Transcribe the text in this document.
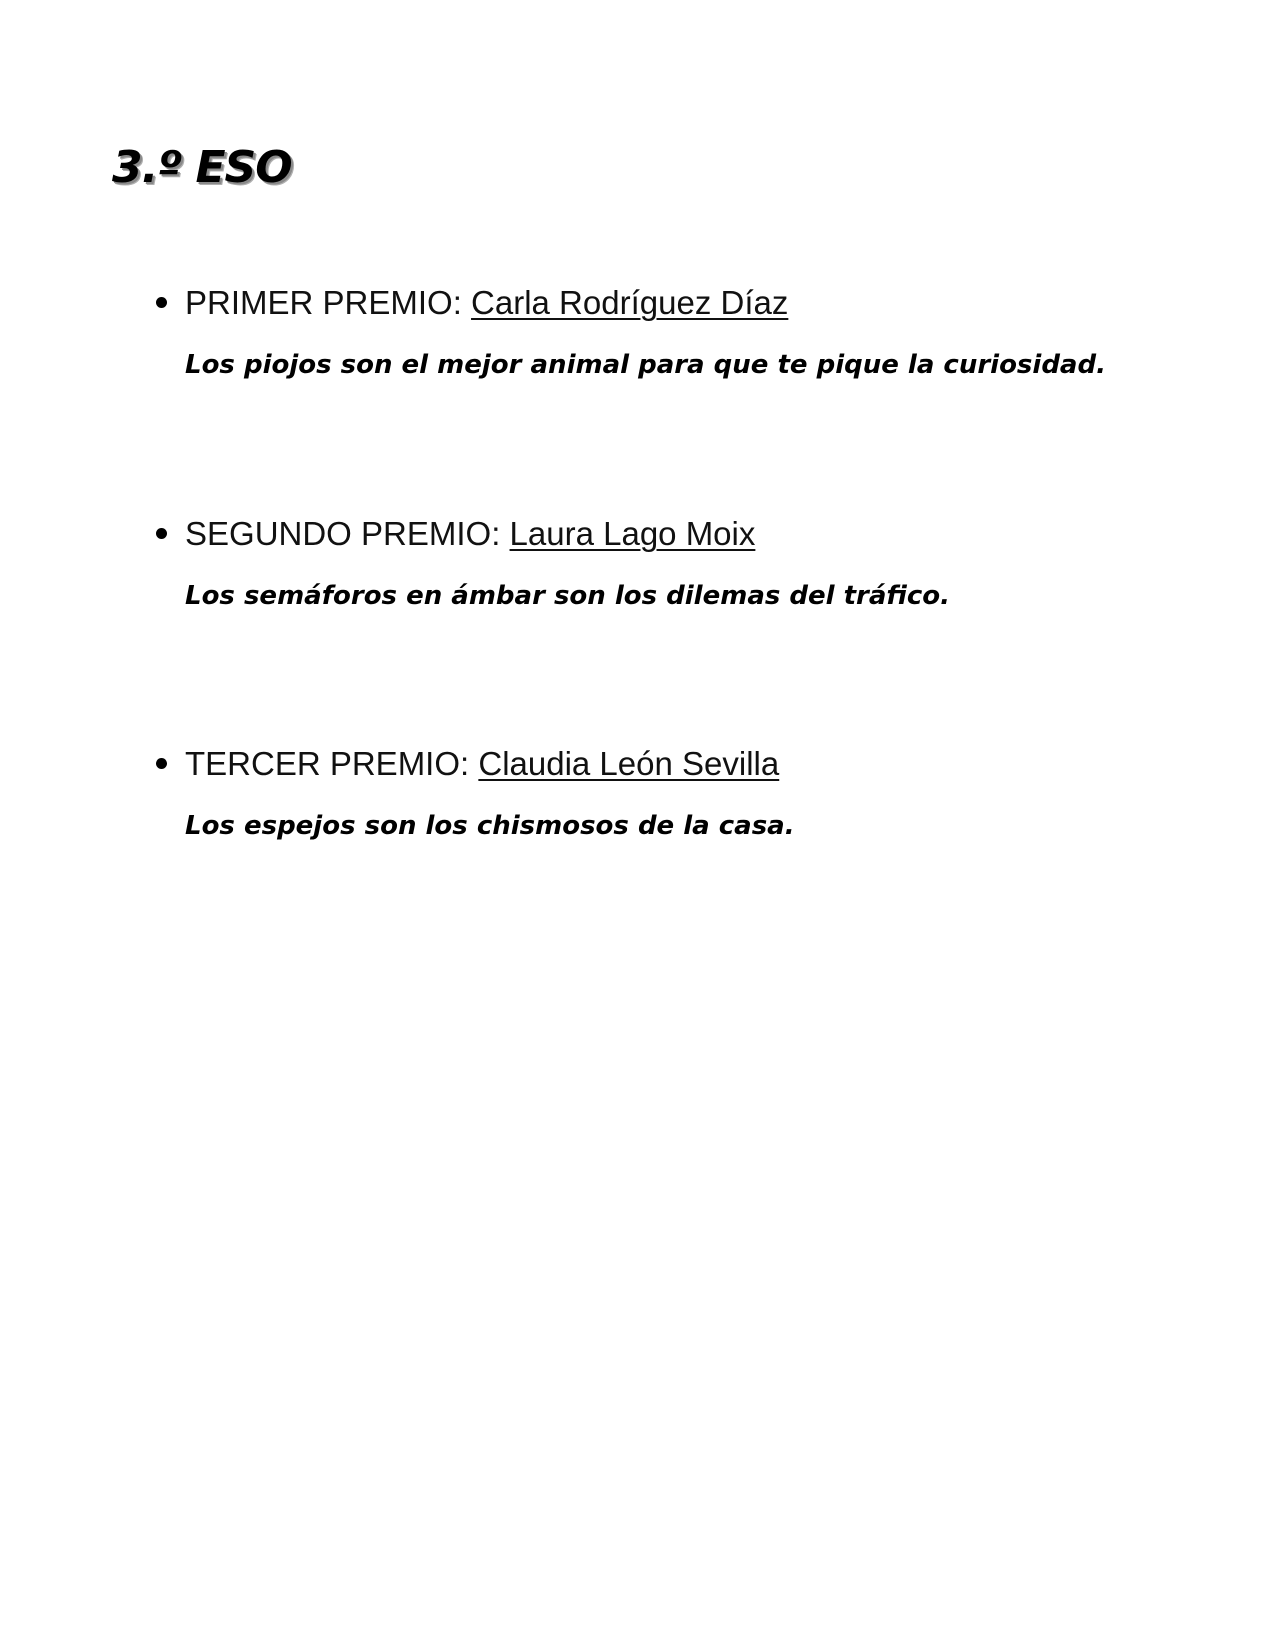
3.º ESO
PRIMER PREMIO: Carla Rodríguez Díaz

Los piojos son el mejor animal para que te pique la curiosidad.

SEGUNDO PREMIO: Laura Lago Moix

Los semáforos en ámbar son los dilemas del tráfico.

TERCER PREMIO: Claudia León Sevilla

Los espejos son los chismosos de la casa.
